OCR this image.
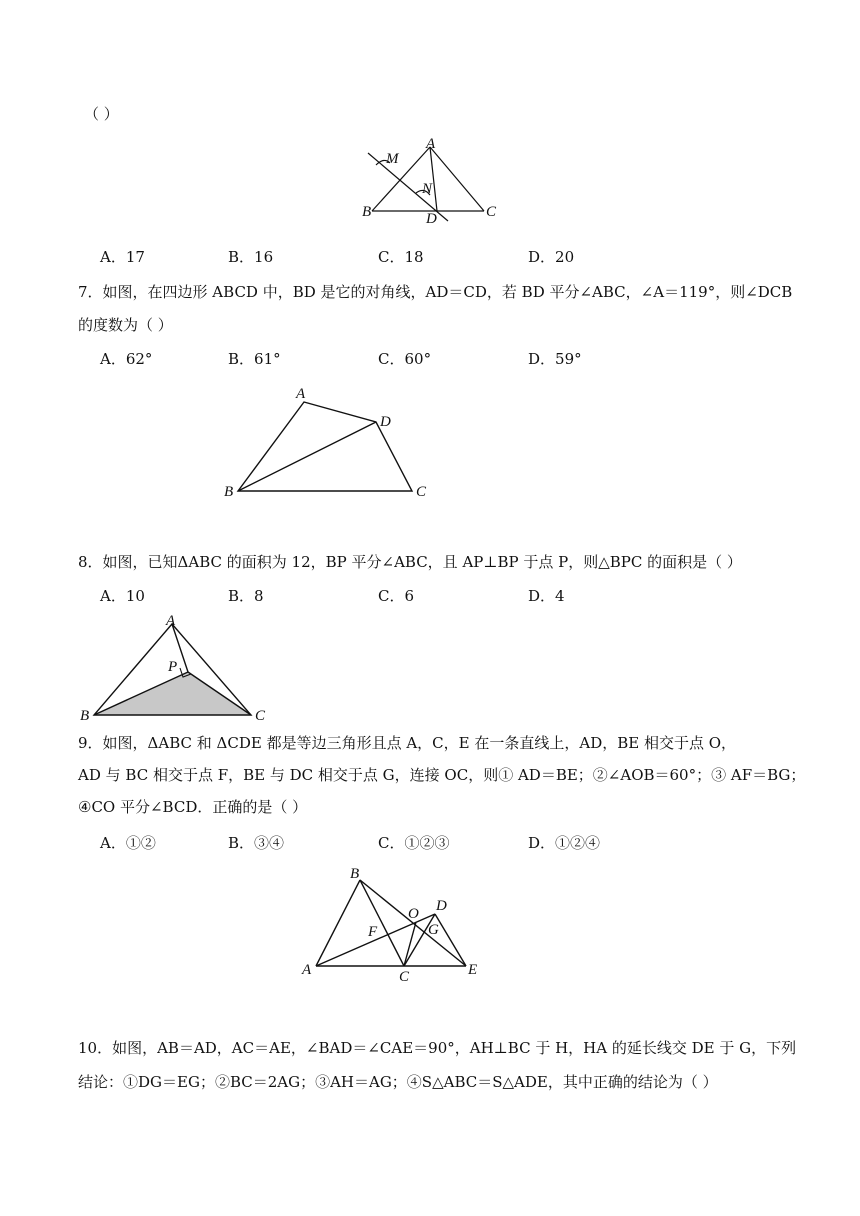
（ ）
A
M
N
B	D	C
A．17	B．16	C．18	D．20
7．如图，在四边形 ABCD 中，BD 是它的对角线，AD＝CD，若 BD 平分∠ABC，∠A＝119°，则∠DCB
的度数为（ ）
A．62°	B．61°	C．60°	D．59°
A
D
B	C
8．如图，已知ΔABC 的面积为 12，BP 平分∠ABC，且 AP⊥BP 于点 P，则△BPC 的面积是（ ）
A．10	B．8	C．6	D．4
A
P
B	C
9．如图，ΔABC 和 ΔCDE 都是等边三角形且点 A，C，E 在一条直线上，AD，BE 相交于点 O，
AD 与 BC 相交于点 F，BE 与 DC 相交于点 G，连接 OC，则① AD＝BE；②∠AOB＝60°；③ AF＝BG；
④CO 平分∠BCD．正确的是（ ）
A．①②	B．③④	C．①②③	D．①②④
B
O D
F	G
A	C	E
10．如图，AB＝AD，AC＝AE，∠BAD＝∠CAE＝90°，AH⊥BC 于 H，HA 的延长线交 DE 于 G，下列
结论：①DG＝EG；②BC＝2AG；③AH＝AG；④S△ABC＝S△ADE，其中正确的结论为（ ）
